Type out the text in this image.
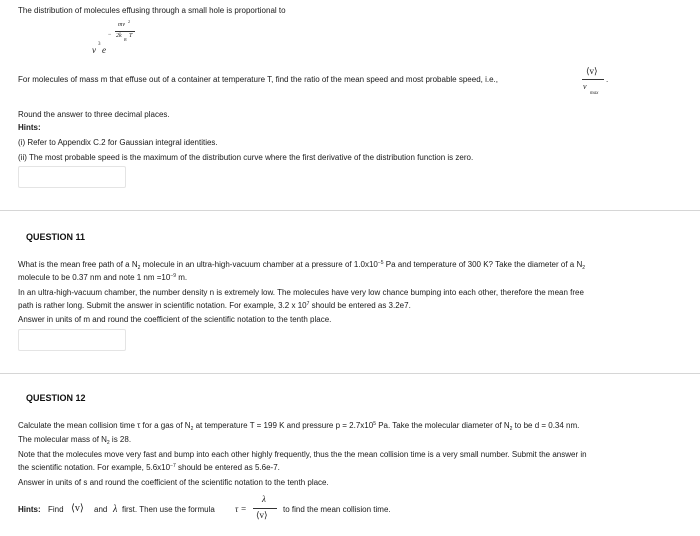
The distribution of molecules effusing through a small hole is proportional to
v
3
e
−
mv
2
2k
B
T
For molecules of mass m that effuse out of a container at temperature T, find the ratio of the mean speed and most probable speed, i.e.,
⟨v⟩
v
max
.
Round the answer to three decimal places.
Hints:
(i) Refer to Appendix C.2 for Gaussian integral identities.
(ii) The most probable speed is the maximum of the distribution curve where the first derivative of the distribution function is zero.
QUESTION 11
What is the mean free path of a $N_2$ molecule in an ultra-high-vacuum chamber at a pressure of $1.0x10^{-5}$ Pa and temperature of 300 K? Take the diameter of a $N_2$
molecule to be 0.37 nm and note 1 nm $=10^{-9}$ m.
In an ultra-high-vacuum chamber, the number density n is extremely low. The molecules have very low chance bumping into each other, therefore the mean free
path is rather long. Submit the answer in scientific notation. For example, 3.2 x $10^7$ should be entered as 3.2e7.
Answer in units of m and round the coefficient of the scientific notation to the tenth place.
QUESTION 12
Calculate the mean collision time τ for a gas of $N_2$ at temperature T = 199 K and pressure $p = 2.7x10^5$ Pa. Take the molecular diameter of $N_2$ to be d = 0.34 nm.
The molecular mass of $N_2$ is 28.
Note that the molecules move very fast and bump into each other highly frequently, thus the the mean collision time is a very small number. Submit the answer in
the scientific notation. For example, $5.6x10^{-7}$ should be entered as 5.6e-7.
Answer in units of s and round the coefficient of the scientific notation to the tenth place.
Hints: Find ⟨v⟩ and λ first. Then use the formula τ =
λ
⟨v⟩
to find the mean collision time.
